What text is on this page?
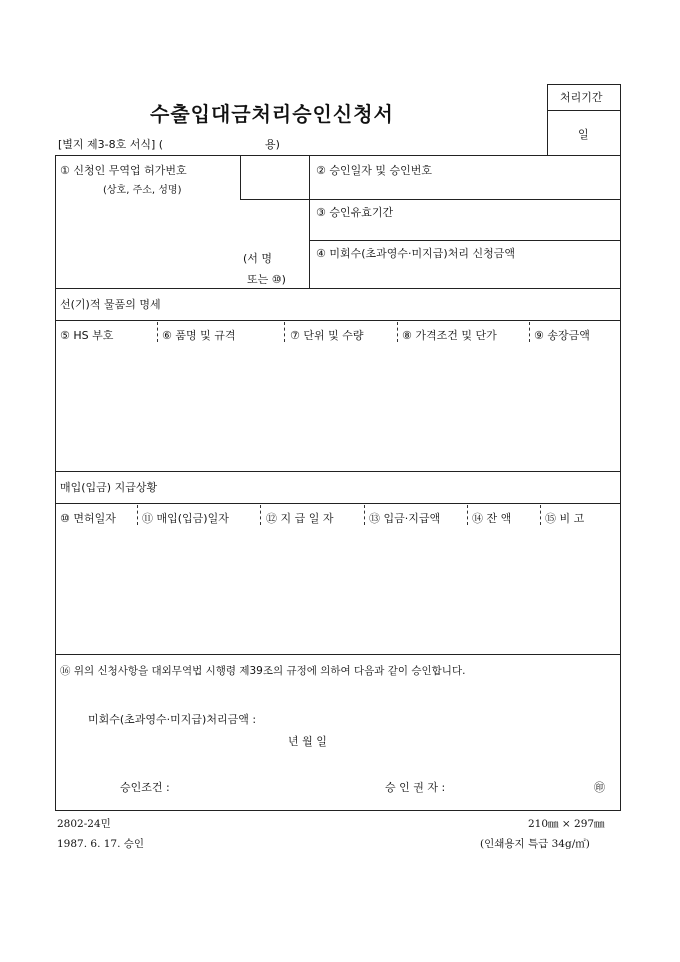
수출입대금처리승인신청서
[별지 제3-8호 서식] (	용)
처리기간
일
① 신청인 무역업 허가번호
(상호, 주소, 성명)
(서 명
또는 ⑩)
② 승인일자 및 승인번호
③ 승인유효기간
④ 미회수(초과영수·미지급)처리 신청금액
선(기)적 물품의 명세
⑤ HS 부호	⑥ 품명 및 규격	⑦ 단위 및 수량	⑧ 가격조건 및 단가	⑨ 송장금액
매입(입금) 지급상황
⑩ 면허일자 ⑪ 매입(입금)일자	⑫ 지 급 일 자	⑬ 입금·지급액	⑭ 잔 액	⑮ 비 고
⑯ 위의 신청사항을 대외무역법 시행령 제39조의 규정에 의하여 다음과 같이 승인합니다.
미회수(초과영수·미지급)처리금액 :
년 월 일
승인조건 :	승 인 권 자 :	㊞
2802-24민
1987. 6. 17. 승인
210㎜ × 297㎜
(인쇄용지 특급 34g/㎡)
